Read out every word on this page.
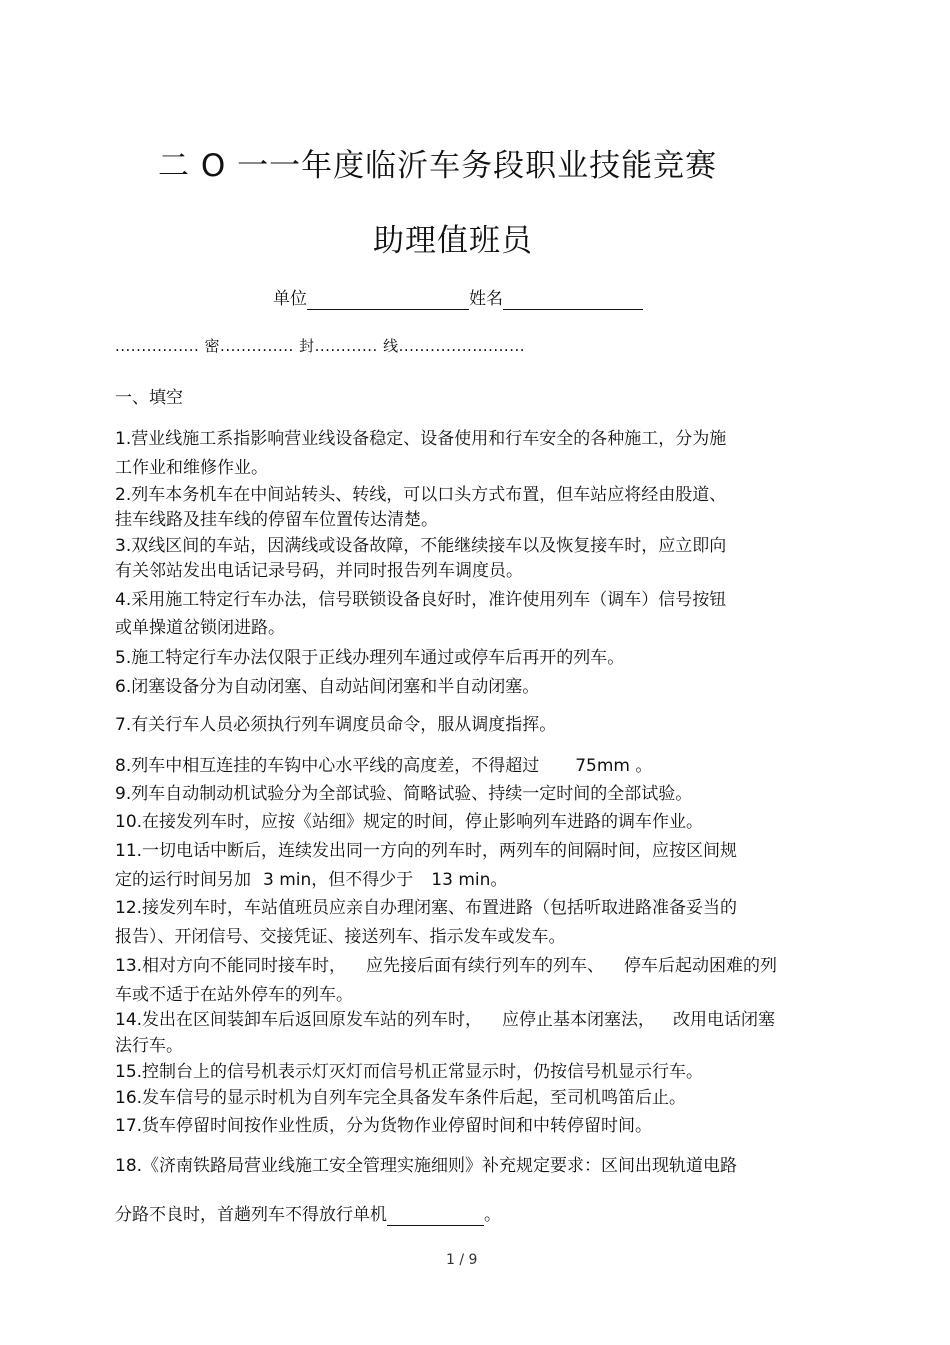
二 O 一一年度临沂车务段职业技能竞赛
助理值班员
单位	姓名
................ 密.............. 封............ 线........................
一、填空
1.营业线施工系指影响营业线设备稳定、设备使用和行车安全的各种施工，分为施
工作业和维修作业。
2.列车本务机车在中间站转头、转线，可以口头方式布置，但车站应将经由股道、
挂车线路及挂车线的停留车位置传达清楚。
3.双线区间的车站，因满线或设备故障，不能继续接车以及恢复接车时，应立即向
有关邻站发出电话记录号码，并同时报告列车调度员。
4.采用施工特定行车办法，信号联锁设备良好时，准许使用列车（调车）信号按钮
或单操道岔锁闭进路。
5.施工特定行车办法仅限于正线办理列车通过或停车后再开的列车。
6.闭塞设备分为自动闭塞、自动站间闭塞和半自动闭塞。
7.有关行车人员必须执行列车调度员命令，服从调度指挥。
8.列车中相互连挂的车钩中心水平线的高度差，不得超过 75mm 。
9.列车自动制动机试验分为全部试验、简略试验、持续一定时间的全部试验。
10.在接发列车时，应按《站细》规定的时间，停止影响列车进路的调车作业。
11.一切电话中断后，连续发出同一方向的列车时，两列车的间隔时间，应按区间规
定的运行时间另加 3 min，但不得少于 13 min。
12.接发列车时，车站值班员应亲自办理闭塞、布置进路（包括听取进路准备妥当的
报告）、开闭信号、交接凭证、接送列车、指示发车或发车。
13.相对方向不能同时接车时， 应先接后面有续行列车的列车、 停车后起动困难的列
车或不适于在站外停车的列车。
14.发出在区间装卸车后返回原发车站的列车时， 应停止基本闭塞法， 改用电话闭塞
法行车。
15.控制台上的信号机表示灯灭灯而信号机正常显示时，仍按信号机显示行车。
16.发车信号的显示时机为自列车完全具备发车条件后起，至司机鸣笛后止。
17.货车停留时间按作业性质，分为货物作业停留时间和中转停留时间。
18.《济南铁路局营业线施工安全管理实施细则》补充规定要求：区间出现轨道电路
分路不良时，首趟列车不得放行单机	。
1 / 9
